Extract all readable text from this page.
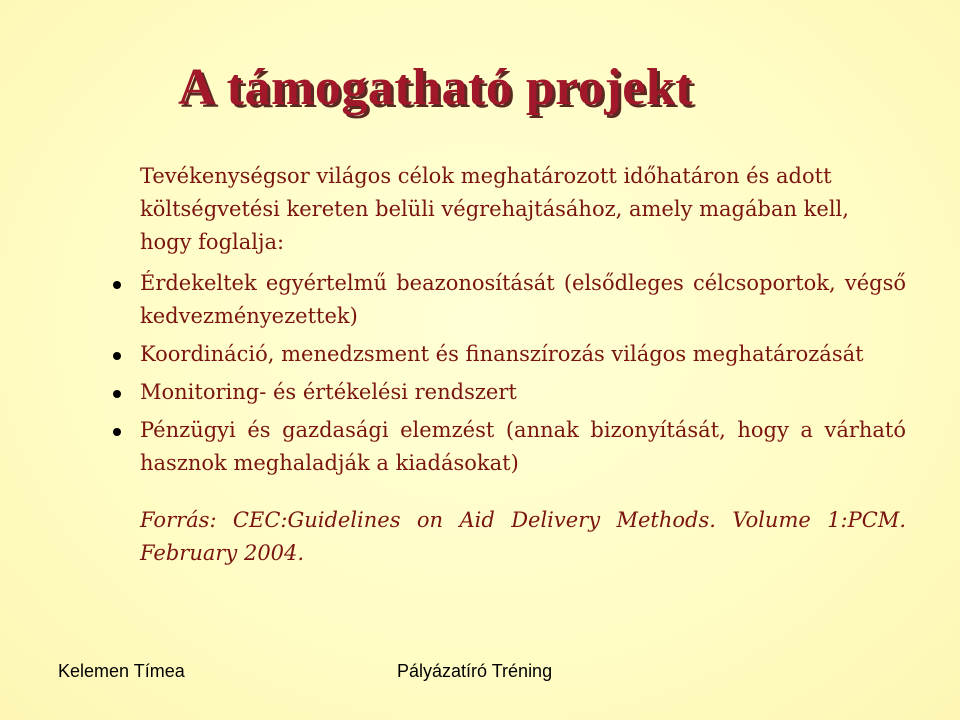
A támogatható projekt

Tevékenységsor világos célok meghatározott időhatáron és adott költségvetési kereten belüli végrehajtásához, amely magában kell, hogy foglalja:

Érdekeltek egyértelmű beazonosítását (elsődleges célcsoportok, végső kedvezményezettek)
Koordináció, menedzsment és finanszírozás világos meghatározását
Monitoring- és értékelési rendszert
Pénzügyi és gazdasági elemzést (annak bizonyítását, hogy a várható hasznok meghaladják a kiadásokat)

Forrás: CEC:Guidelines on Aid Delivery Methods. Volume 1:PCM. February 2004.

Kelemen Tímea	Pályázatíró Tréning
